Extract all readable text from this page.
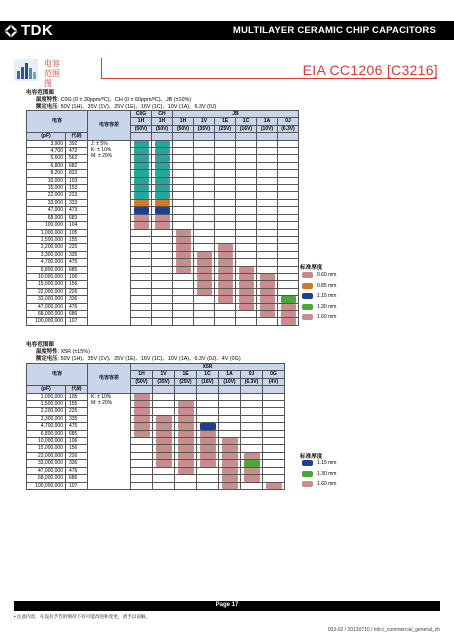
TDK	MULTILAYER CERAMIC CHIP CAPACITORS
电容
范围图
EIA CC1206 [C3216]
电容范围图
温度特性: C0G (0 ± 30ppm/ºC)、CH (0 ± 60ppm/ºC)、JB (±10%)
额定电压: 50V (1H)、35V (1V)、25V (1E)、16V (1C)、10V (1A)、6.3V (0J)
电容		电容容差	C0G	CH	JB					
			1H	1H	1H	1V	1E	1C	1A	0J
			(50V)	(50V)	(50V)	(35V)	(25V)	(16V)	(10V)	(6.3V)
(pF)	代码									
3,900	392	J: ± 5%
K: ± 10%
M: ± 20%								

4,700	472									
5,600	562									
6,800	682									
8,200	822									
10,000	103									
15,000	153									
22,000	223									
33,000	333									
47,000	473									
68,000	683									
100,000	104									
1,000,000	105									
1,500,000	155									
2,200,000	225									
3,300,000	335									
4,700,000	475									
6,800,000	685									
10,000,000	106									
15,000,000	156									
22,000,000	226									
33,000,000	336									
47,000,000	476									
68,000,000	686									
100,000,000	107									
标准厚度
0.60 mm
0.85 mm
1.15 mm
1.30 mm
1.60 mm
电容范围图
温度特性: X5R (±15%)
额定电压: 50V (1H)、35V (1V)、25V (1E)、16V (1C)、10V (1A)、6.3V (0J)、4V (0G)
电容		电容容差	X5R						
			1H	1V	1E	1C	1A	0J	0G
			(50V)	(35V)	(25V)	(16V)	(10V)	(6.3V)	(4V)
(pF)	代码								
1,000,000	105	K: ± 10%
M: ± 20%							

1,500,000	155								
2,200,000	225								
3,300,000	335								
4,700,000	475								
6,800,000	685								
10,000,000	106								
15,000,000	156								
22,000,000	226								
33,000,000	336								
47,000,000	476								
68,000,000	686								
100,000,000	107								
标准厚度
1.15 mm
1.30 mm
1.60 mm
Page 17
• 注意内容、在没有予告的情况下有可能改进和变更，请予以谅解。
003-02 / 20130710 / mlcc_commercial_general_zh
